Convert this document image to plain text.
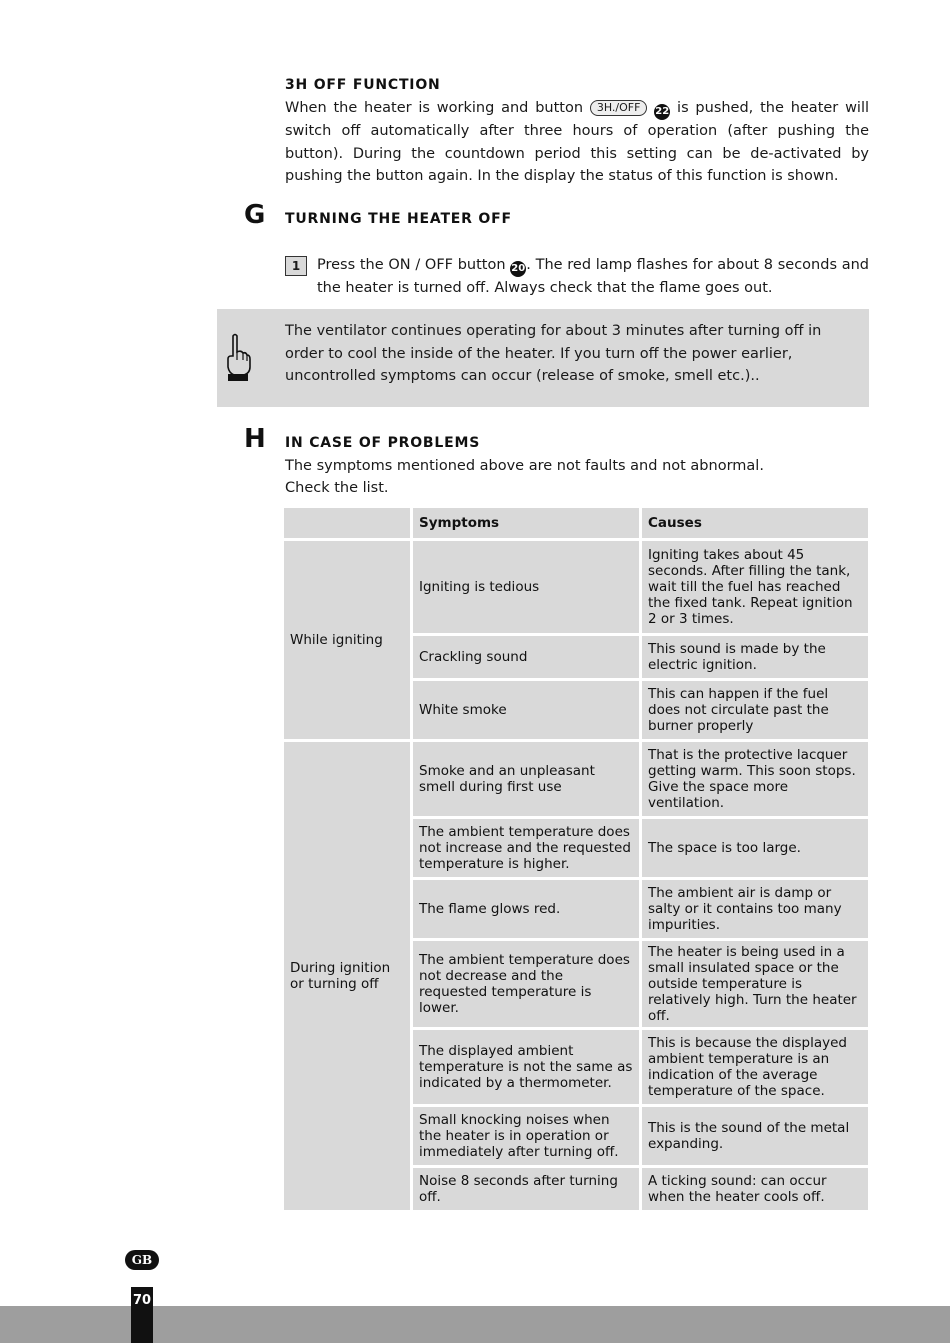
3H OFF FUNCTION
When the heater is working and button 3H./OFF 22 is pushed, the heater will switch off automatically after three hours of operation (after pushing the button). During the countdown period this setting can be de-activated by pushing the button again. In the display the status of this function is shown.
G TURNING THE HEATER OFF
1	Press the ON / OFF button 20. The red lamp flashes for about 8 seconds and the heater is turned off. Always check that the flame goes out.
The ventilator continues operating for about 3 minutes after turning off in order to cool the inside of the heater. If you turn off the power earlier, uncontrolled symptoms can occur (release of smoke, smell etc.)..
H IN CASE OF PROBLEMS
The symptoms mentioned above are not faults and not abnormal.
Check the list.
	Symptoms	Causes
While igniting	Igniting is tedious	Igniting takes about 45 seconds. After filling the tank, wait till the fuel has reached the fixed tank. Repeat ignition 2 or 3 times.
	Crackling sound	This sound is made by the electric ignition.
	White smoke	This can happen if the fuel does not circulate past the burner properly
During ignition or turning off	Smoke and an unpleasant smell during first use	That is the protective lacquer getting warm. This soon stops. Give the space more ventilation.
	The ambient temperature does not increase and the requested temperature is higher.	The space is too large.
	The flame glows red.	The ambient air is damp or salty or it contains too many impurities.
	The ambient temperature does not decrease and the requested temperature is lower.	The heater is being used in a small insulated space or the outside temperature is relatively high. Turn the heater off.
	The displayed ambient temperature is not the same as indicated by a thermometer.	This is because the displayed ambient temperature is an indication of the average temperature of the space.
	Small knocking noises when the heater is in operation or immediately after turning off.	This is the sound of the metal expanding.
	Noise 8 seconds after turning off.	A ticking sound: can occur when the heater cools off.
GB
70
